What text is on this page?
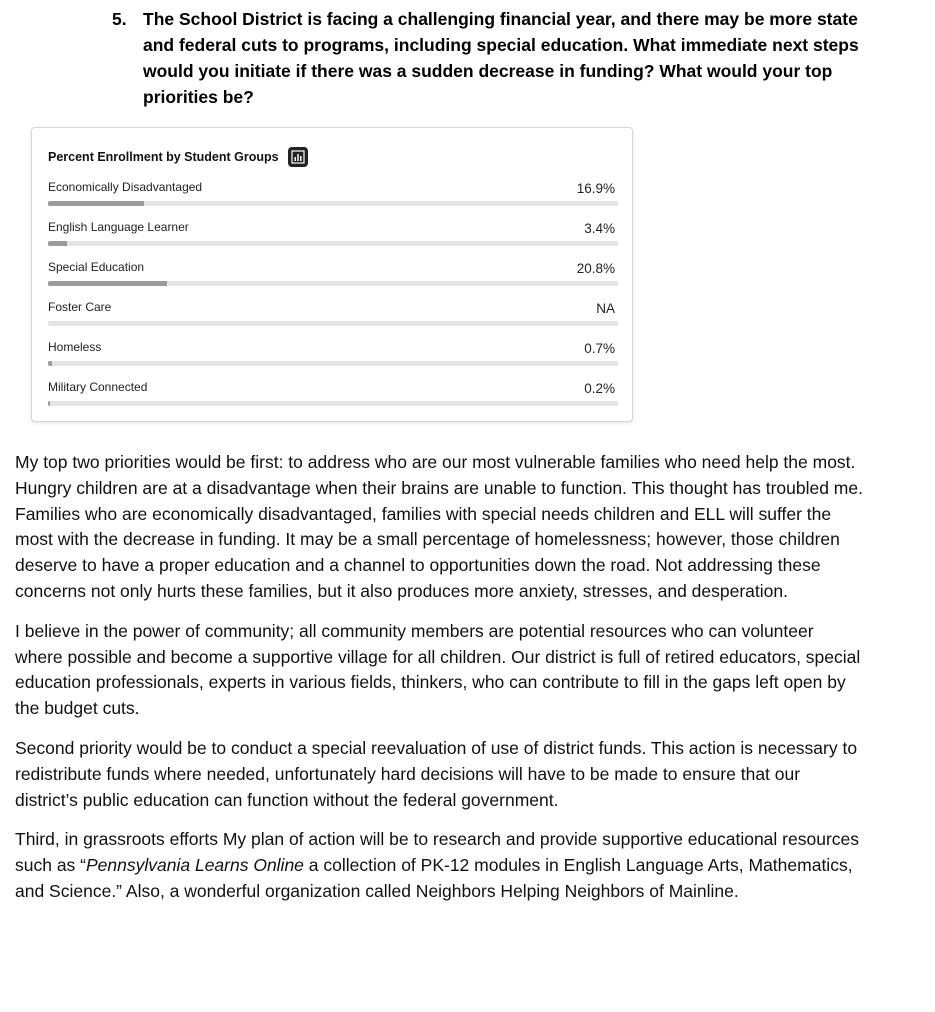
5. The School District is facing a challenging financial year, and there may be more state and federal cuts to programs, including special education. What immediate next steps would you initiate if there was a sudden decrease in funding? What would your top priorities be?
Percent Enrollment by Student Groups
Economically Disadvantaged	16.9%
English Language Learner	3.4%
Special Education	20.8%
Foster Care	NA
Homeless	0.7%
Military Connected	0.2%

My top two priorities would be first: to address who are our most vulnerable families who need help the most. Hungry children are at a disadvantage when their brains are unable to function. This thought has troubled me. Families who are economically disadvantaged, families with special needs children and ELL will suffer the most with the decrease in funding. It may be a small percentage of homelessness; however, those children deserve to have a proper education and a channel to opportunities down the road. Not addressing these concerns not only hurts these families, but it also produces more anxiety, stresses, and desperation.

I believe in the power of community; all community members are potential resources who can volunteer where possible and become a supportive village for all children. Our district is full of retired educators, special education professionals, experts in various fields, thinkers, who can contribute to fill in the gaps left open by the budget cuts.

Second priority would be to conduct a special reevaluation of use of district funds. This action is necessary to redistribute funds where needed, unfortunately hard decisions will have to be made to ensure that our district’s public education can function without the federal government.

Third, in grassroots efforts My plan of action will be to research and provide supportive educational resources such as “Pennsylvania Learns Online a collection of PK-12 modules in English Language Arts, Mathematics, and Science.” Also, a wonderful organization called Neighbors Helping Neighbors of Mainline.
